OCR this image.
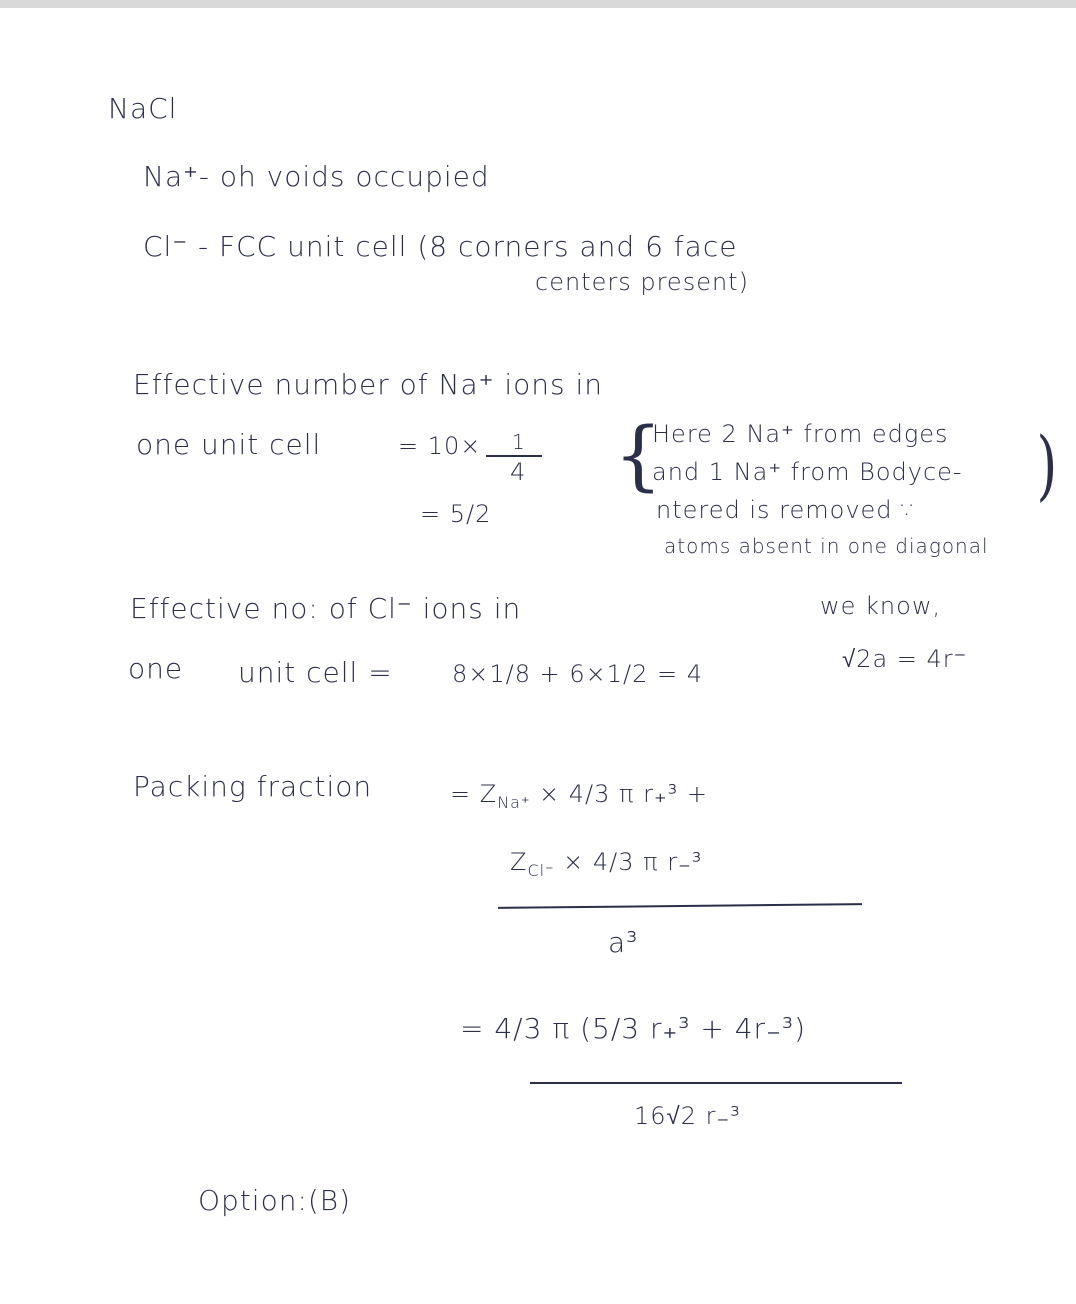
NaCl
Na⁺- oh voids occupied
Cl⁻ - FCC unit cell (8 corners and 6 face
centers present)
Effective number of Na⁺ ions in
one unit cell	= 10× 1
4
= 5/2
{
Here 2 Na⁺ from edges
and 1 Na⁺ from Bodyce-
ntered is removed ∵
atoms absent in one diagonal
)
Effective no: of Cl⁻ ions in
one unit cell = 8×1/8 + 6×1/2 = 4
we know,
√2a = 4r⁻
Packing fraction	= $Z_{Na^+} \times 4/3$ π r₊³ +
$Z_{Cl^-} \times 4/3$ π r₋³
a³
= 4/3 π (5/3 r₊³ + 4r₋³)
16√2 r₋³
Option:(B)
